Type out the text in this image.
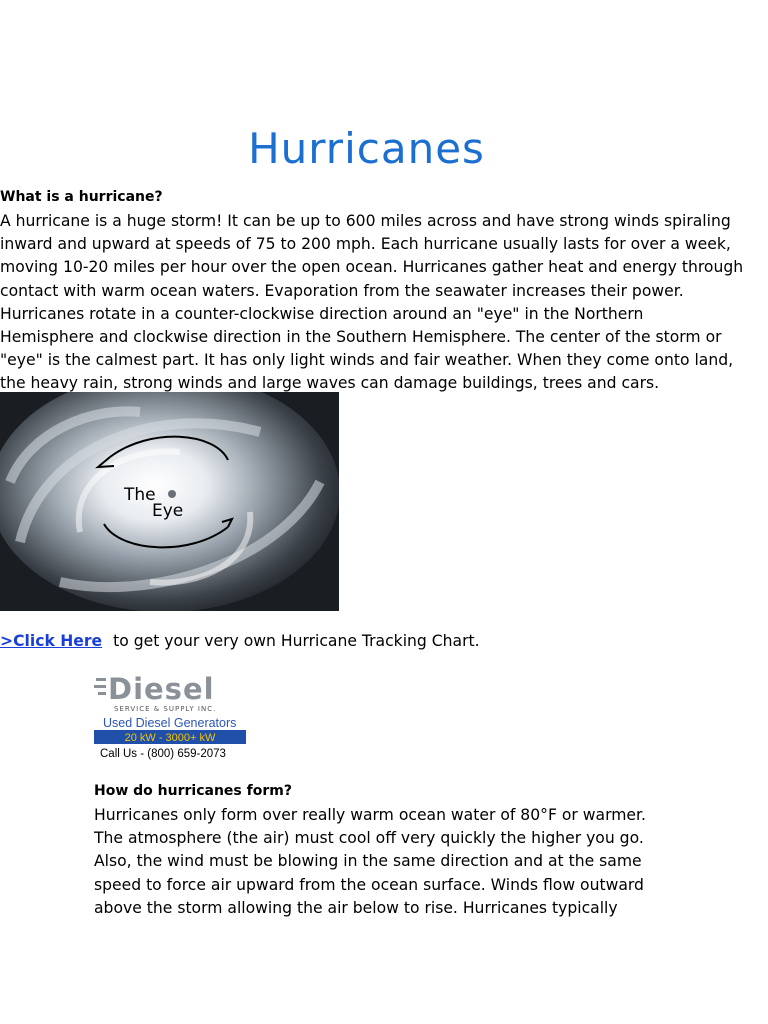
Hurricanes
What is a hurricane?
A hurricane is a huge storm! It can be up to 600 miles across and have strong winds spiraling
inward and upward at speeds of 75 to 200 mph. Each hurricane usually lasts for over a week,
moving 10-20 miles per hour over the open ocean. Hurricanes gather heat and energy through
contact with warm ocean waters. Evaporation from the seawater increases their power.
Hurricanes rotate in a counter-clockwise direction around an "eye" in the Northern
Hemisphere and clockwise direction in the Southern Hemisphere. The center of the storm or
"eye" is the calmest part. It has only light winds and fair weather. When they come onto land,
the heavy rain, strong winds and large waves can damage buildings, trees and cars.
The
Eye
>Click Here to get your very own Hurricane Tracking Chart.
Diesel
SERVICE & SUPPLY INC.
Used Diesel Generators
20 kW - 3000+ kW
Call Us - (800) 659-2073
How do hurricanes form?
Hurricanes only form over really warm ocean water of 80°F or warmer.
The atmosphere (the air) must cool off very quickly the higher you go.
Also, the wind must be blowing in the same direction and at the same
speed to force air upward from the ocean surface. Winds flow outward
above the storm allowing the air below to rise. Hurricanes typically
